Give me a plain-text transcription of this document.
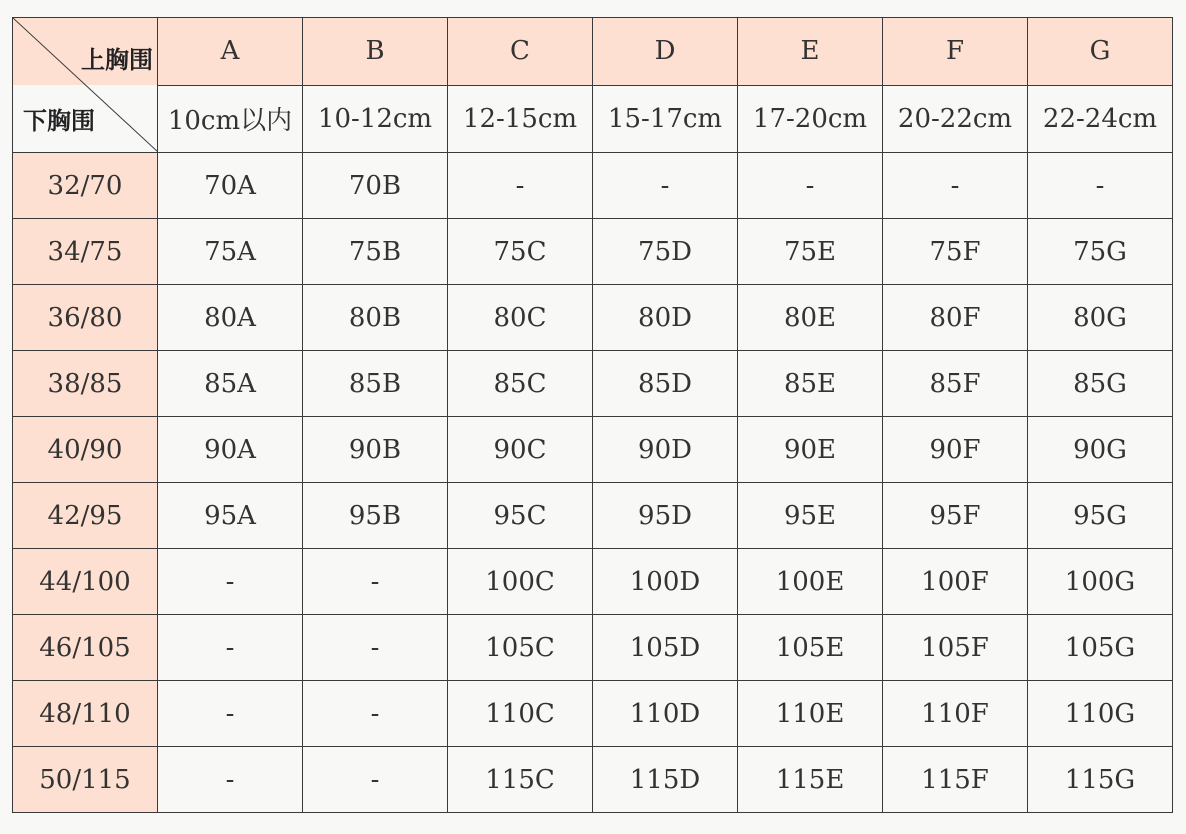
上胸围
下胸围	A	B	C	D	E	F	G
	10cm以内	10-12cm	12-15cm	15-17cm	17-20cm	20-22cm	22-24cm
32/70	70A	70B	-	-	-	-	-
34/75	75A	75B	75C	75D	75E	75F	75G
36/80	80A	80B	80C	80D	80E	80F	80G
38/85	85A	85B	85C	85D	85E	85F	85G
40/90	90A	90B	90C	90D	90E	90F	90G
42/95	95A	95B	95C	95D	95E	95F	95G
44/100	-	-	100C	100D	100E	100F	100G
46/105	-	-	105C	105D	105E	105F	105G
48/110	-	-	110C	110D	110E	110F	110G
50/115	-	-	115C	115D	115E	115F	115G
